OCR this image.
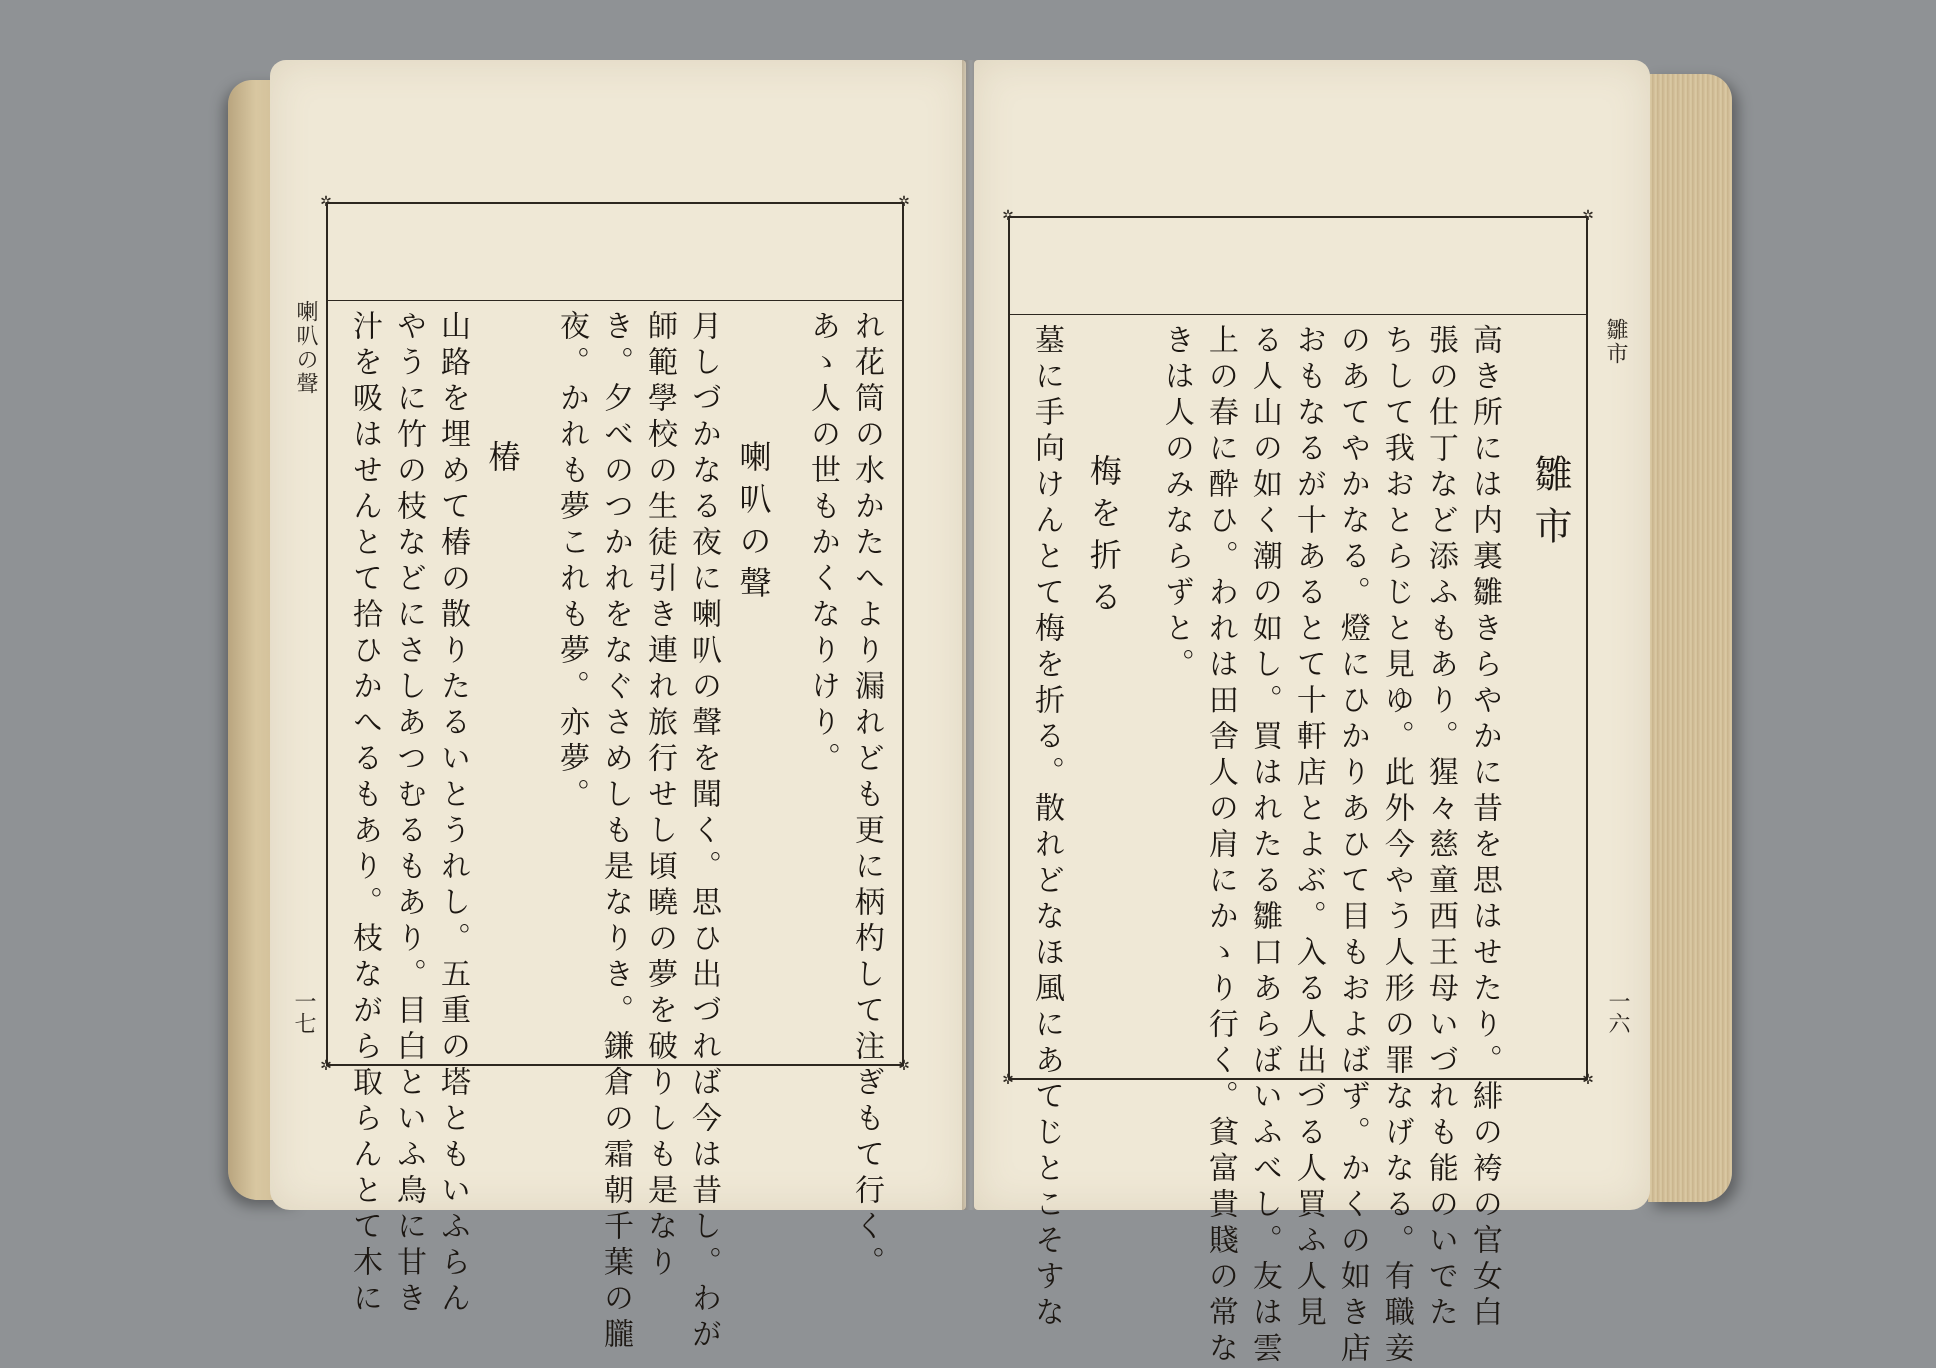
喇叭の聲
一七
✲	✲
✲	✲
れ花筒の水かたへより漏れども更に柄杓して注ぎもて行く。
あゝ人の世もかくなりけり。
喇叭の聲
月しづかなる夜に喇叭の聲を聞く。思ひ出づれば今は昔し。わが
師範學校の生徒引き連れ旅行せし頃曉の夢を破りしも是なり
き。夕べのつかれをなぐさめしも是なりき。鎌倉の霜朝千葉の朧
夜。かれも夢これも夢。亦夢。
椿
山路を埋めて椿の散りたるいとうれし。五重の塔ともいふらん
やうに竹の枝などにさしあつむるもあり。目白といふ鳥に甘き
汁を吸はせんとて拾ひかへるもあり。枝ながら取らんとて木に	雛市
一六
✲	✲
✲	✲
雛市
高き所には内裏雛きらやかに昔を思はせたり。緋の袴の官女白
張の仕丁など添ふもあり。猩々慈童西王母いづれも能のいでた
ちして我おとらじと見ゆ。此外今やう人形の罪なげなる。有職妾
のあてやかなる。燈にひかりあひて目もおよばず。かくの如き店
おもなるが十あるとて十軒店とよぶ。入る人出づる人買ふ人見
る人山の如く潮の如し。買はれたる雛口あらばいふべし。友は雲
上の春に酔ひ。われは田舎人の肩にかゝり行く。貧富貴賤の常な
きは人のみならずと。
梅を折る
墓に手向けんとて梅を折る。散れどなほ風にあてじとこそすな
